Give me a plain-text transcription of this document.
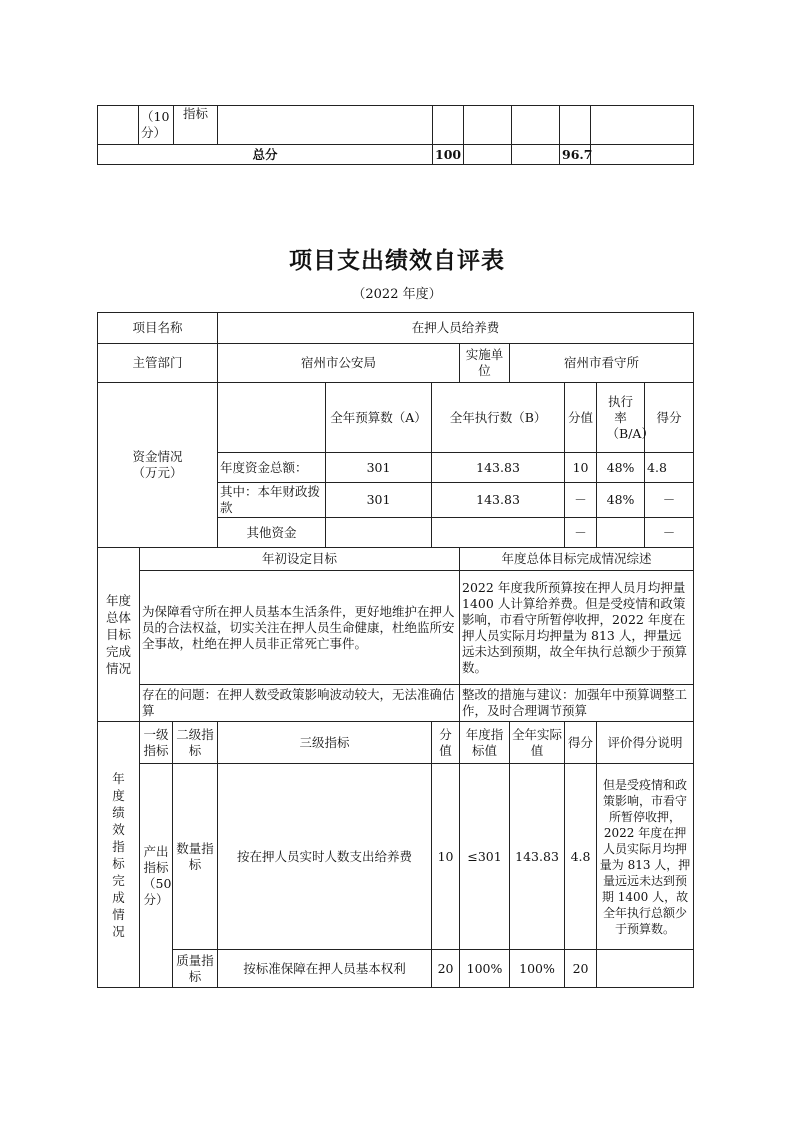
	（10分）	指标						
总分				100			96.7	
项目支出绩效自评表
（2022 年度）
项目名称			在押人员给养费							
主管部门			宿州市公安局			实施单位	宿州市看守所			

资金情况（万元）				全年预算数（A）	全年执行数（B）			分值	执行率（B/A）	得分
			年度资金总额：	301	143.83			10	48%	4.8
			其中：本年财政拨款	301	143.83			－	48%	－
			其他资金					－		－

年度总体目标完成情况	年初设定目标					年度总体目标完成情况综述				
	为保障看守所在押人员基本生活条件，更好地维护在押人员的合法权益，切实关注在押人员生命健康，杜绝监所安全事故，杜绝在押人员非正常死亡事件。					2022 年度我所预算按在押人员月均押量 1400 人计算给养费。但是受疫情和政策影响，市看守所暂停收押，2022 年度在押人员实际月均押量为 813 人，押量远远未达到预期，故全年执行总额少于预算数。				
	存在的问题：在押人数受政策影响波动较大，无法准确估算					整改的措施与建议：加强年中预算调整工作，及时合理调节预算				

年度绩效指标完成情况	一级指标	二级指标	三级指标		分值	年度指标值	全年实际值	得分	评价得分说明	

	产出指标（50分）	数量指标	按在押人员实时人数支出给养费		10	≤301	143.83	4.8	但是受疫情和政策影响，市看守所暂停收押，2022 年度在押人员实际月均押量为 813 人，押量远远未达到预期 1400 人，故全年执行总额少于预算数。	
		质量指标	按标准保障在押人员基本权利		20	100%	100%	20		
